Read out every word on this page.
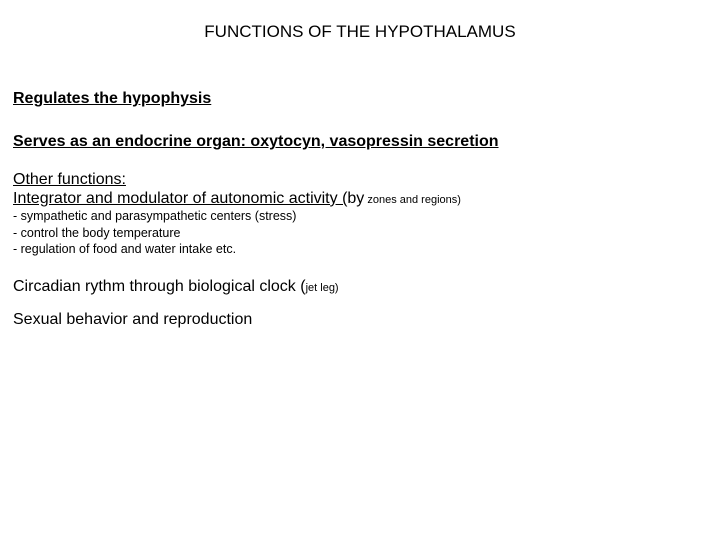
FUNCTIONS OF THE HYPOTHALAMUS
Regulates the hypophysis
Serves as an endocrine organ: oxytocyn, vasopressin secretion
Other functions:
Integrator and modulator of autonomic activity (by zones and regions)
- sympathetic and parasympathetic centers (stress)
- control the body temperature
- regulation of food and water intake etc.
Circadian rythm through biological clock (jet leg)
Sexual behavior and reproduction
